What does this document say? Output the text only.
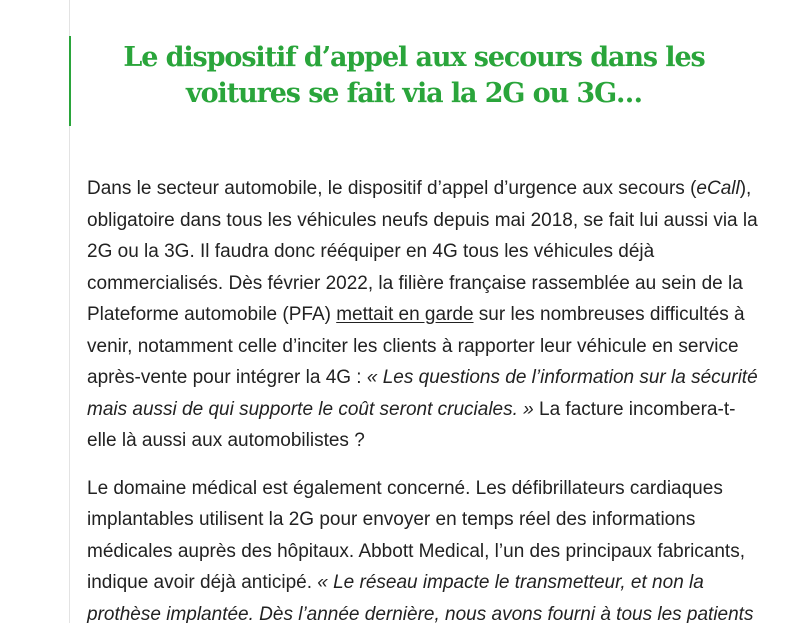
Le dispositif d’appel aux secours dans les
voitures se fait via la 2G ou 3G…

Dans le secteur automobile, le dispositif d’appel d’urgence aux secours (eCall),
obligatoire dans tous les véhicules neufs depuis mai 2018, se fait lui aussi via la
2G ou la 3G. Il faudra donc rééquiper en 4G tous les véhicules déjà
commercialisés. Dès février 2022, la filière française rassemblée au sein de la
Plateforme automobile (PFA) mettait en garde sur les nombreuses difficultés à
venir, notamment celle d’inciter les clients à rapporter leur véhicule en service
après-vente pour intégrer la 4G : « Les questions de l’information sur la sécurité
mais aussi de qui supporte le coût seront cruciales. » La facture incombera-t-
elle là aussi aux automobilistes ?

Le domaine médical est également concerné. Les défibrillateurs cardiaques
implantables utilisent la 2G pour envoyer en temps réel des informations
médicales auprès des hôpitaux. Abbott Medical, l’un des principaux fabricants,
indique avoir déjà anticipé. « Le réseau impacte le transmetteur, et non la
prothèse implantée. Dès l’année dernière, nous avons fourni à tous les patients
